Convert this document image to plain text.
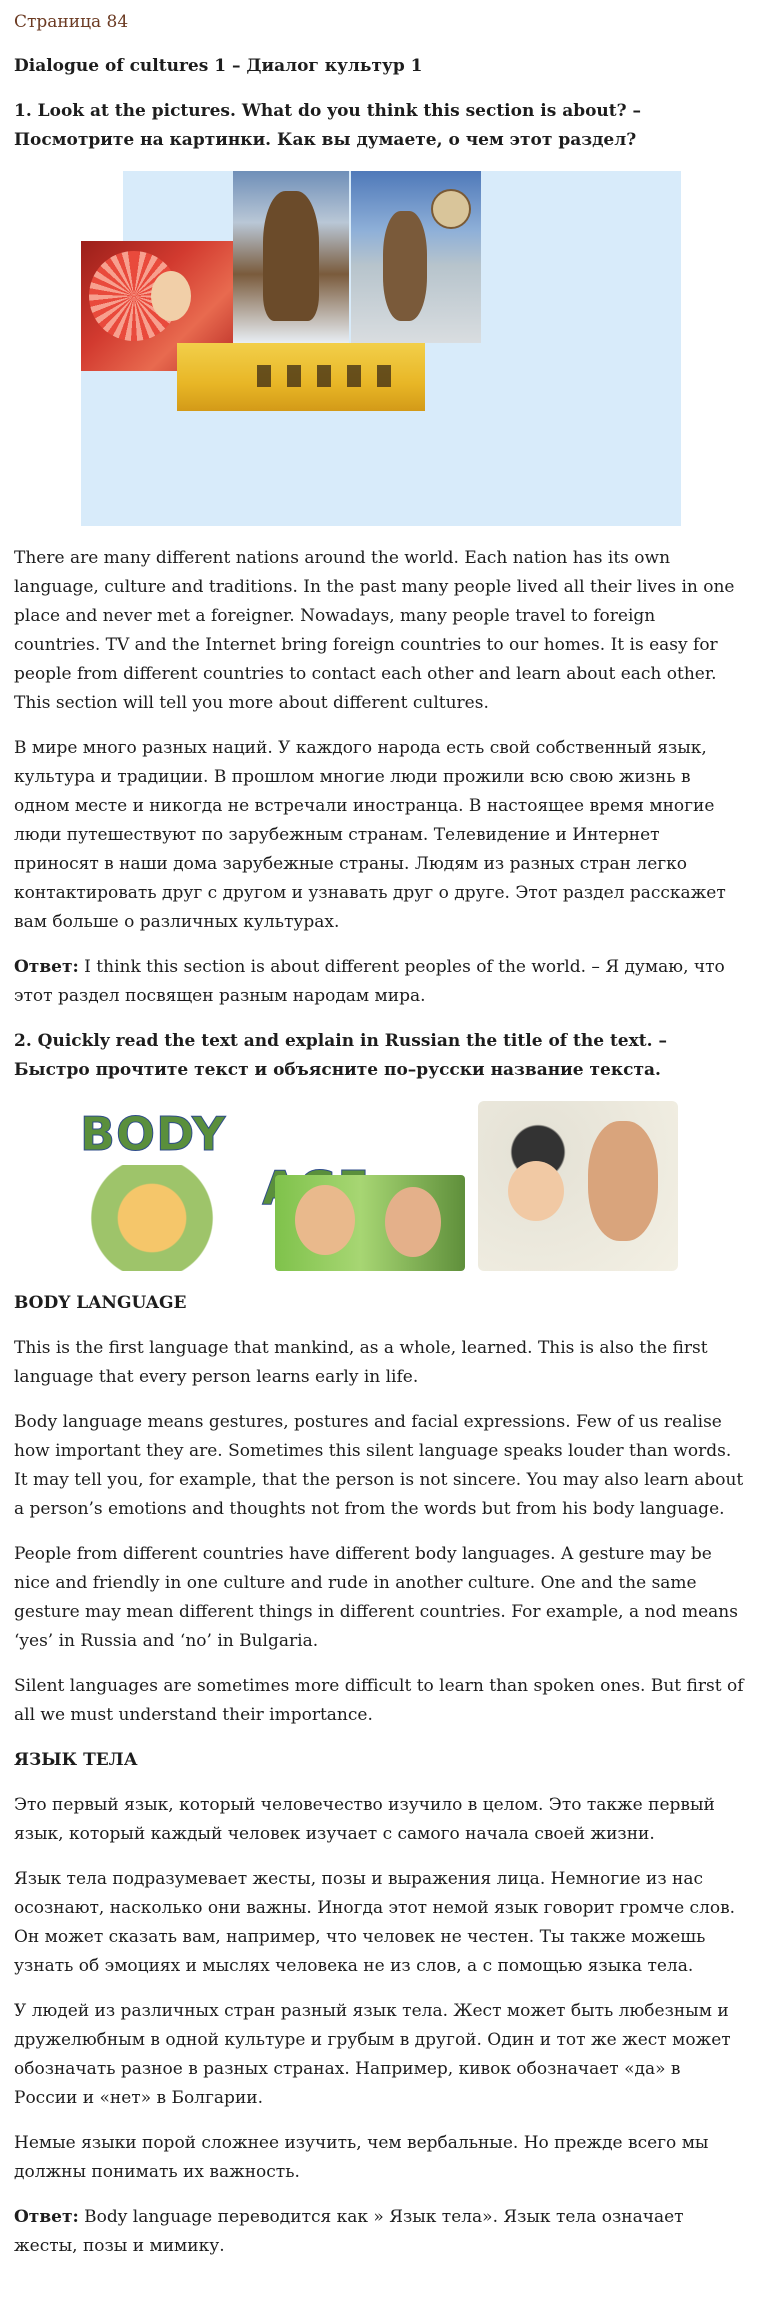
Страница 84
Dialogue of cultures 1 – Диалог культур 1
1. Look at the pictures. What do you think this section is about? – Посмотрите на картинки. Как вы думаете, о чем этот раздел?

There are many different nations around the world. Each nation has its own language, culture and traditions. In the past many people lived all their lives in one place and never met a foreigner. Nowadays, many people travel to foreign countries. TV and the Internet bring foreign countries to our homes. It is easy for people from different countries to contact each other and learn about each other. This section will tell you more about different cultures.

В мире много разных наций. У каждого народа есть свой собственный язык, культура и традиции. В прошлом многие люди прожили всю свою жизнь в одном месте и никогда не встречали иностранца. В настоящее время многие люди путешествуют по зарубежным странам. Телевидение и Интернет приносят в наши дома зарубежные страны. Людям из разных стран легко контактировать друг с другом и узнавать друг о друге. Этот раздел расскажет вам больше о различных культурах.

Ответ: I think this section is about different peoples of the world. – Я думаю, что этот раздел посвящен разным народам мира.

2. Quickly read the text and explain in Russian the title of the text. – Быстро прочтите текст и объясните по–русски название текста.
BODY
BODY LANGUAGE

This is the first language that mankind, as a whole, learned. This is also the first language that every person learns early in life.

Body language means gestures, postures and facial expressions. Few of us realise how important they are. Sometimes this silent language speaks louder than words. It may tell you, for example, that the person is not sincere. You may also learn about a person’s emotions and thoughts not from the words but from his body language.

People from different countries have different body languages. A gesture may be nice and friendly in one culture and rude in another culture. One and the same gesture may mean different things in different countries. For example, a nod means ‘yes’ in Russia and ‘no’ in Bulgaria.

Silent languages are sometimes more difficult to learn than spoken ones. But first of all we must understand their importance.

ЯЗЫК ТЕЛА

Это первый язык, который человечество изучило в целом. Это также первый язык, который каждый человек изучает с самого начала своей жизни.

Язык тела подразумевает жесты, позы и выражения лица. Немногие из нас осознают, насколько они важны. Иногда этот немой язык говорит громче слов. Он может сказать вам, например, что человек не честен. Ты также можешь узнать об эмоциях и мыслях человека не из слов, а с помощью языка тела.

У людей из различных стран разный язык тела. Жест может быть любезным и дружелюбным в одной культуре и грубым в другой. Один и тот же жест может обозначать разное в разных странах. Например, кивок обозначает «да» в России и «нет» в Болгарии.

Немые языки порой сложнее изучить, чем вербальные. Но прежде всего мы должны понимать их важность.

Ответ: Body language переводится как » Язык тела». Язык тела означает жесты, позы и мимику.
